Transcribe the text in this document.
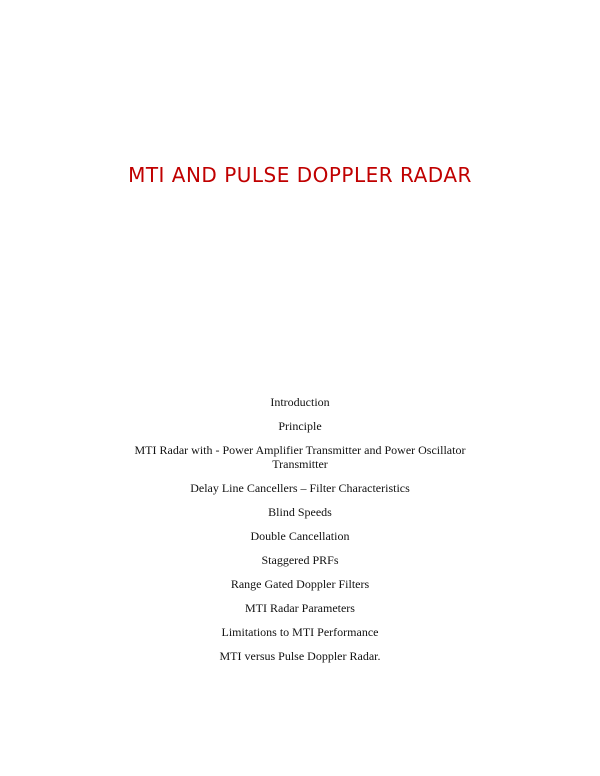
MTI AND PULSE DOPPLER RADAR
Introduction
Principle
MTI Radar with - Power Amplifier Transmitter and Power Oscillator Transmitter
Delay Line Cancellers – Filter Characteristics
Blind Speeds
Double Cancellation
Staggered PRFs
Range Gated Doppler Filters
MTI Radar Parameters
Limitations to MTI Performance
MTI versus Pulse Doppler Radar.
